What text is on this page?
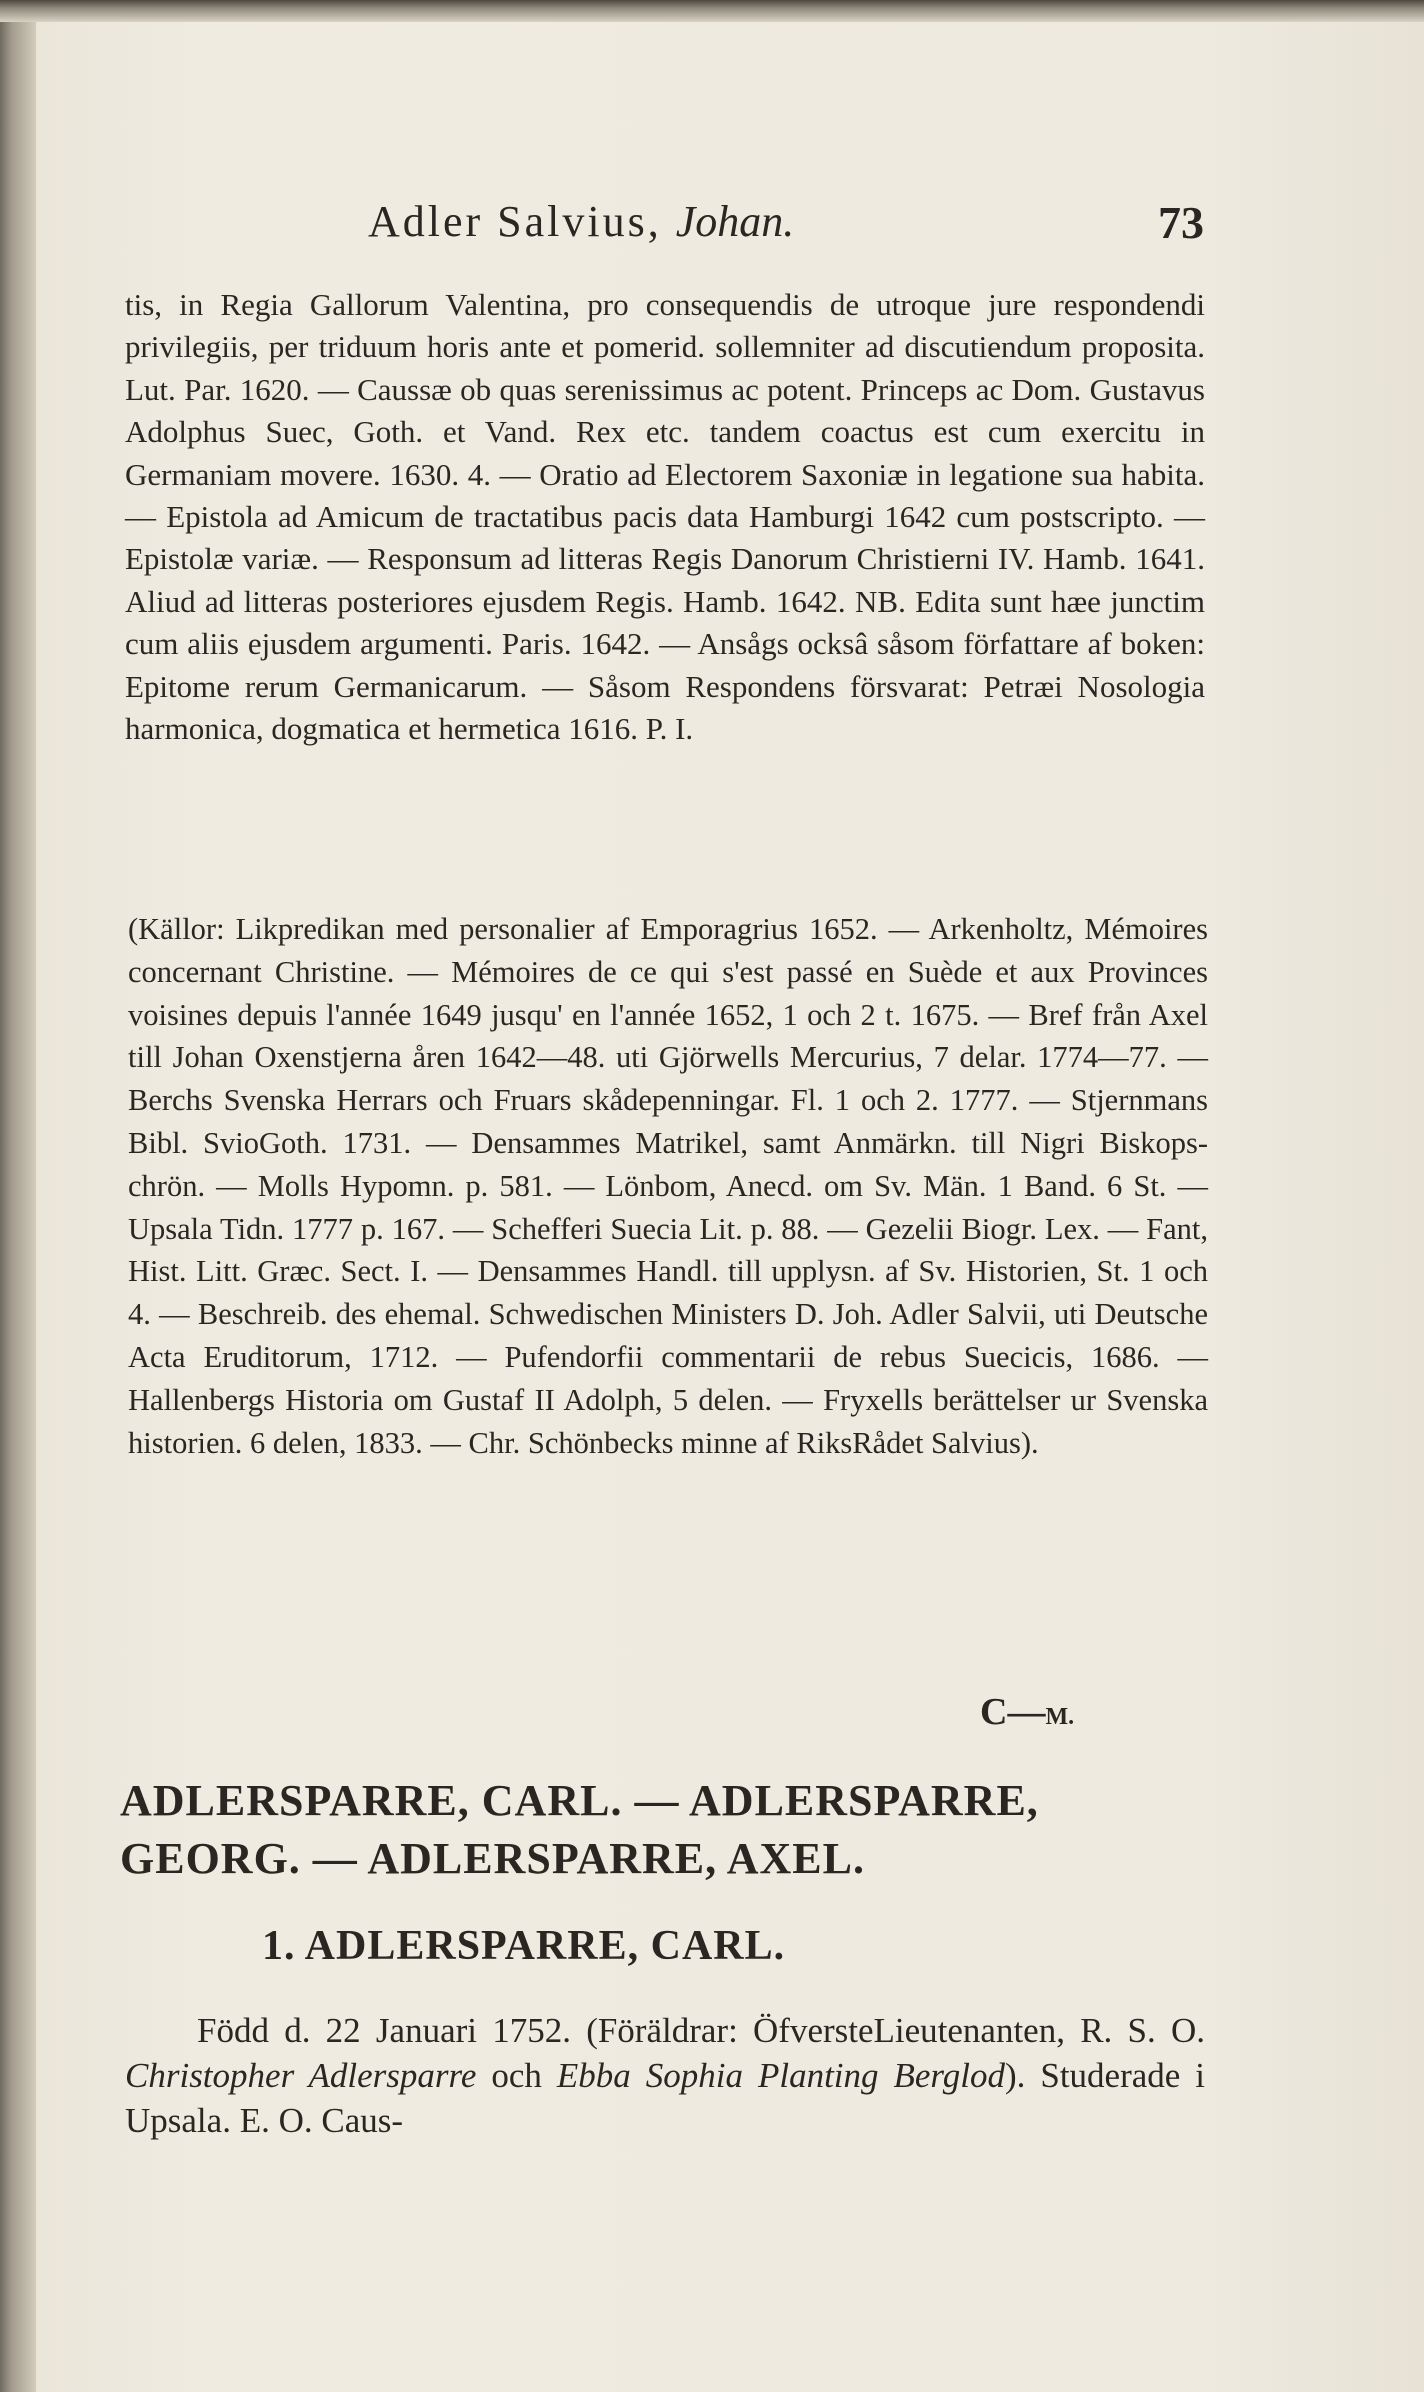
Adler Salvius, Johan.	73
tis, in Regia Gallorum Valentina, pro consequendis de utroque jure respondendi privilegiis, per triduum horis ante et pomerid. sollemniter ad discutiendum proposita. Lut. Par. 1620. — Caussæ ob quas serenissimus ac potent. Princeps ac Dom. Gustavus Adolphus Suec, Goth. et Vand. Rex etc. tandem coactus est cum exercitu in Germaniam movere. 1630. 4. — Oratio ad Electorem Saxoniæ in legatione sua habita. — Epistola ad Amicum de tractatibus pacis data Hamburgi 1642 cum postscripto. — Epistolæ variæ. — Responsum ad litteras Regis Danorum Christierni IV. Hamb. 1641. Aliud ad litteras posteriores ejusdem Regis. Hamb. 1642. NB. Edita sunt hæe junctim cum aliis ejusdem argumenti. Paris. 1642. — Ansågs ocksâ såsom författare af boken: Epitome rerum Germanicarum. — Såsom Respondens försvarat: Petræi Nosologia harmonica, dogmatica et hermetica 1616. P. I.
(Källor: Likpredikan med personalier af Emporagrius 1652. — Arkenholtz, Mémoires concernant Christine. — Mémoires de ce qui s'est passé en Suède et aux Provinces voisines depuis l'année 1649 jusqu' en l'année 1652, 1 och 2 t. 1675. — Bref från Axel till Johan Oxenstjerna åren 1642—48. uti Gjörwells Mercurius, 7 delar. 1774—77. — Berchs Svenska Herrars och Fruars skådepenningar. Fl. 1 och 2. 1777. — Stjernmans Bibl. SvioGoth. 1731. — Densammes Matrikel, samt Anmärkn. till Nigri Biskops-chrön. — Molls Hypomn. p. 581. — Lönbom, Anecd. om Sv. Män. 1 Band. 6 St. — Upsala Tidn. 1777 p. 167. — Schefferi Suecia Lit. p. 88. — Gezelii Biogr. Lex. — Fant, Hist. Litt. Græc. Sect. I. — Densammes Handl. till upplysn. af Sv. Historien, St. 1 och 4. — Beschreib. des ehemal. Schwedischen Ministers D. Joh. Adler Salvii, uti Deutsche Acta Eruditorum, 1712. — Pufendorfii commentarii de rebus Suecicis, 1686. — Hallenbergs Historia om Gustaf II Adolph, 5 delen. — Fryxells berättelser ur Svenska historien. 6 delen, 1833. — Chr. Schönbecks minne af RiksRådet Salvius).
C—M.
ADLERSPARRE, CARL. — ADLERSPARRE, GEORG. — ADLERSPARRE, AXEL.
1. ADLERSPARRE, CARL.
Född d. 22 Januari 1752. (Föräldrar: ÖfversteLieutenanten, R. S. O. Christopher Adlersparre och Ebba Sophia Planting Berglod). Studerade i Upsala. E. O. Caus-
